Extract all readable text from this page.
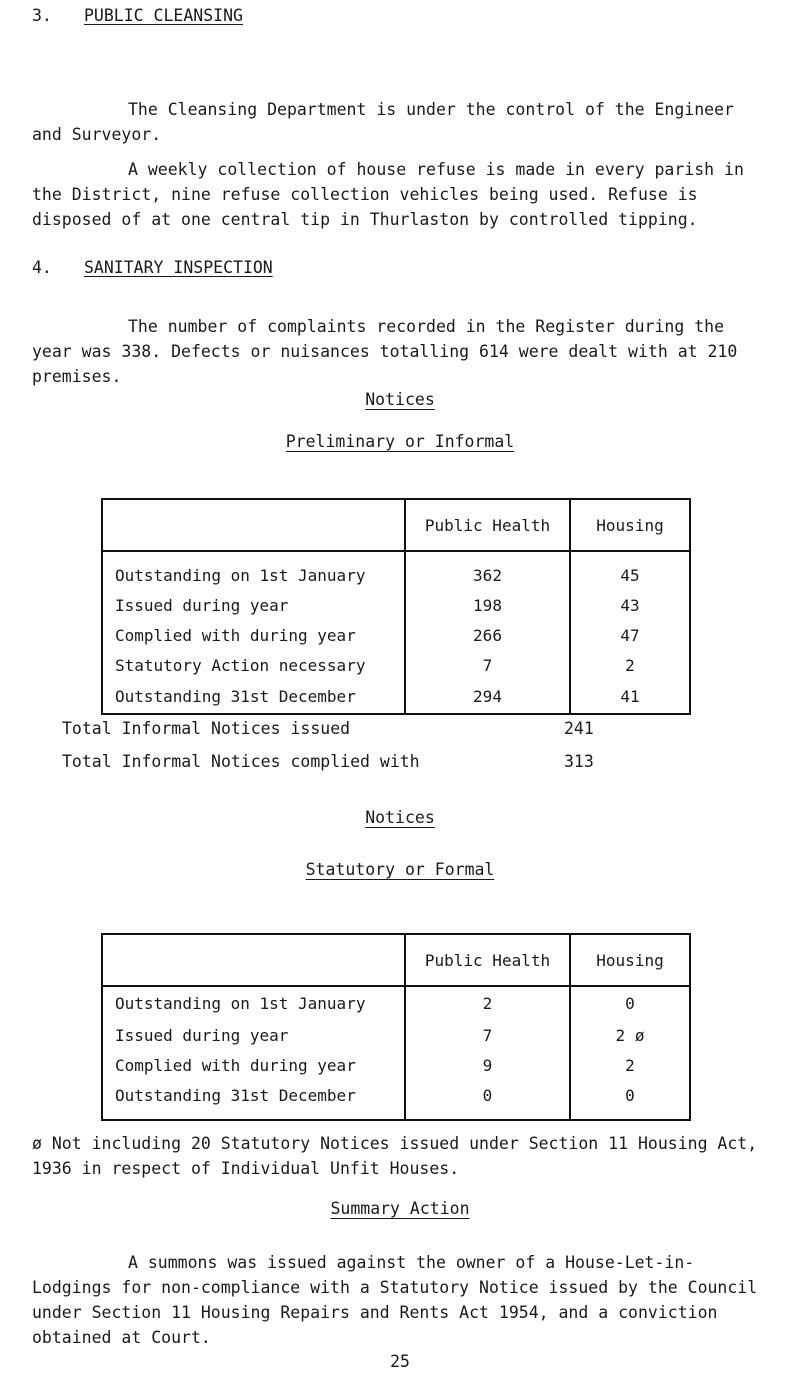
3. PUBLIC CLEANSING
The Cleansing Department is under the control of the Engineer and Surveyor.
A weekly collection of house refuse is made in every parish in the District, nine refuse collection vehicles being used. Refuse is disposed of at one central tip in Thurlaston by controlled tipping.
4. SANITARY INSPECTION
The number of complaints recorded in the Register during the year was 338. Defects or nuisances totalling 614 were dealt with at 210 premises.
Notices
Preliminary or Informal
	Public Health	Housing
Outstanding on 1st January	362	45
Issued during year	198	43
Complied with during year	266	47
Statutory Action necessary	7	2
Outstanding 31st December	294	41
Total Informal Notices issued	241
Total Informal Notices complied with	313
Notices
Statutory or Formal
	Public Health	Housing
Outstanding on 1st January	2	0
Issued during year	7	2 ø
Complied with during year	9	2
Outstanding 31st December	0	0
ø Not including 20 Statutory Notices issued under Section 11 Housing Act, 1936 in respect of Individual Unfit Houses.
Summary Action
A summons was issued against the owner of a House-Let-in-Lodgings for non-compliance with a Statutory Notice issued by the Council under Section 11 Housing Repairs and Rents Act 1954, and a conviction obtained at Court.
25
